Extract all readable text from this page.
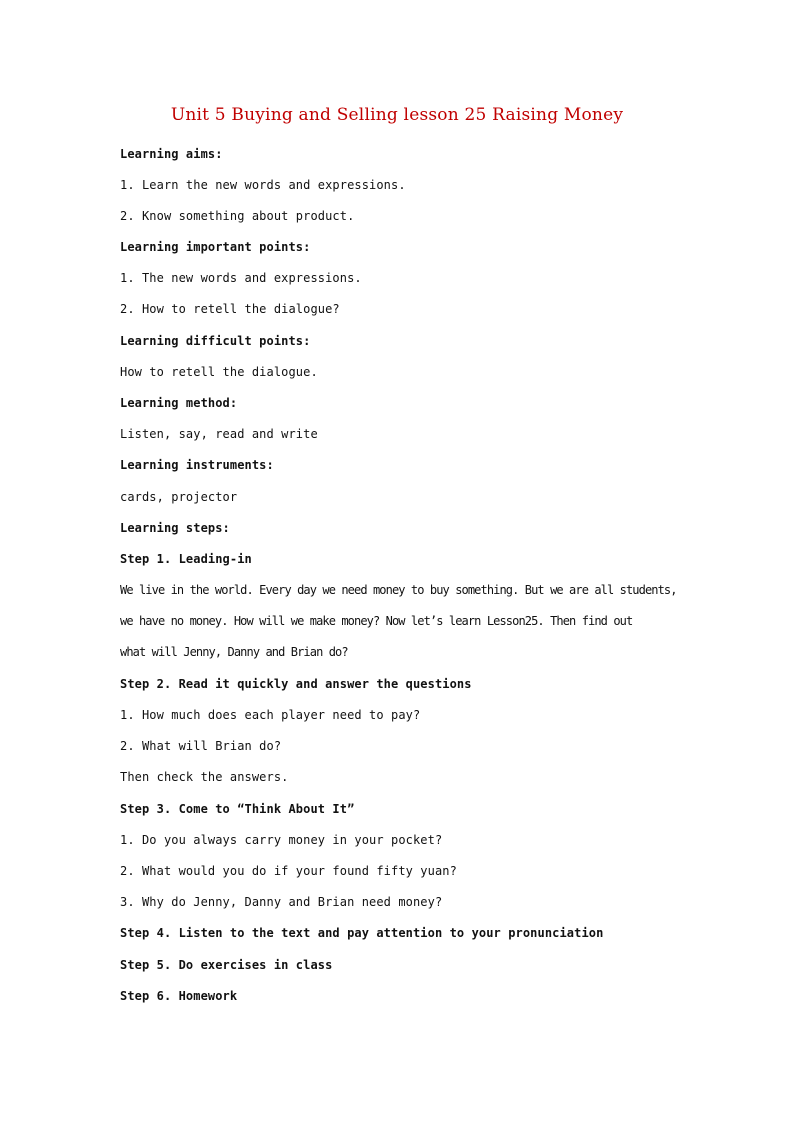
Unit 5 Buying and Selling lesson 25 Raising Money
Learning aims:
1. Learn the new words and expressions.
2. Know something about product.
Learning important points:
1. The new words and expressions.
2. How to retell the dialogue?
Learning difficult points:
How to retell the dialogue.
Learning method:
Listen, say, read and write
Learning instruments:
cards, projector
Learning steps:
Step 1. Leading-in
We live in the world. Every day we need money to buy something. But we are all students,
we have no money. How will we make money? Now let’s learn Lesson25. Then find out
what will Jenny, Danny and Brian do?
Step 2. Read it quickly and answer the questions
1. How much does each player need to pay?
2. What will Brian do?
Then check the answers.
Step 3. Come to “Think About It”
1. Do you always carry money in your pocket?
2. What would you do if your found fifty yuan?
3. Why do Jenny, Danny and Brian need money?
Step 4. Listen to the text and pay attention to your pronunciation
Step 5. Do exercises in class
Step 6. Homework
